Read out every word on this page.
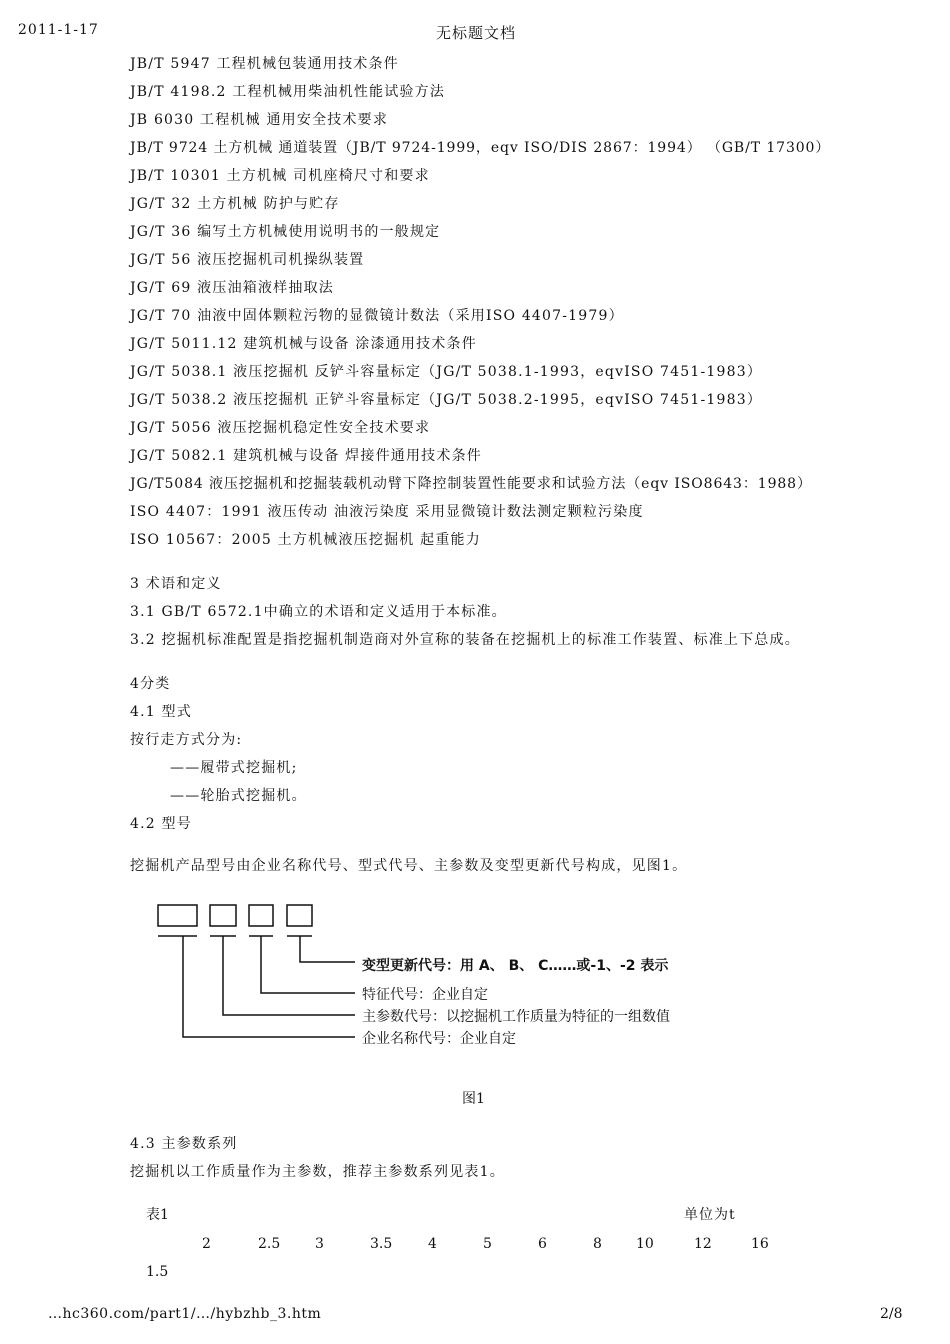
2011-1-17	无标题文档
JB/T 5947 工程机械包装通用技术条件
JB/T 4198.2 工程机械用柴油机性能试验方法
JB 6030 工程机械 通用安全技术要求
JB/T 9724 土方机械 通道装置（JB/T 9724-1999，eqv ISO/DIS 2867：1994） （GB/T 17300）
JB/T 10301 土方机械 司机座椅尺寸和要求
JG/T 32 土方机械 防护与贮存
JG/T 36 编写土方机械使用说明书的一般规定
JG/T 56 液压挖掘机司机操纵装置
JG/T 69 液压油箱液样抽取法
JG/T 70 油液中固体颗粒污物的显微镜计数法（采用ISO 4407-1979）
JG/T 5011.12 建筑机械与设备 涂漆通用技术条件
JG/T 5038.1 液压挖掘机 反铲斗容量标定（JG/T 5038.1-1993，eqvISO 7451-1983）
JG/T 5038.2 液压挖掘机 正铲斗容量标定（JG/T 5038.2-1995，eqvISO 7451-1983）
JG/T 5056 液压挖掘机稳定性安全技术要求
JG/T 5082.1 建筑机械与设备 焊接件通用技术条件
JG/T5084 液压挖掘机和挖掘装载机动臂下降控制装置性能要求和试验方法（eqv ISO8643：1988）
ISO 4407：1991 液压传动 油液污染度 采用显微镜计数法测定颗粒污染度
ISO 10567：2005 土方机械液压挖掘机 起重能力
3 术语和定义
3.1 GB/T 6572.1中确立的术语和定义适用于本标准。
3.2 挖掘机标准配置是指挖掘机制造商对外宣称的装备在挖掘机上的标准工作装置、标准上下总成。
4分类
4.1 型式
按行走方式分为:
——履带式挖掘机;
——轮胎式挖掘机。
4.2 型号
挖掘机产品型号由企业名称代号、型式代号、主参数及变型更新代号构成，见图1。
变型更新代号：用 A、 B、 C……或-1、-2 表示
特征代号：企业自定
主参数代号：以挖掘机工作质量为特征的一组数值
企业名称代号：企业自定
图1
4.3 主参数系列
挖掘机以工作质量作为主参数，推荐主参数系列见表1。
表1	单位为t
2	2.5 3	3.5	4	5	6	8 10	12	16
1.5
…hc360.com/part1/…/hybzhb_3.htm	2/8
